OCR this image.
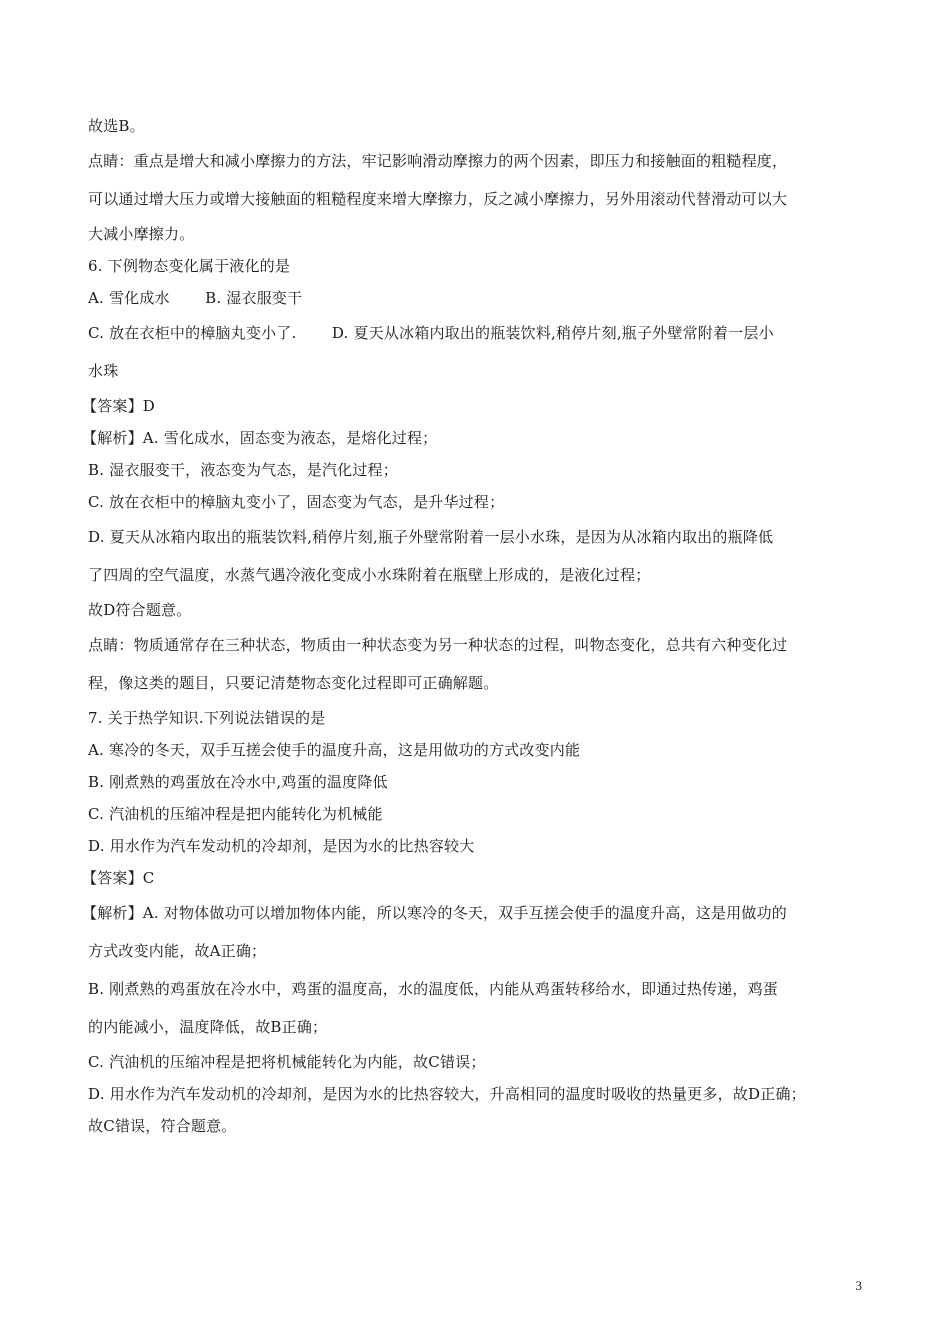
故选B。
点睛：重点是增大和减小摩擦力的方法，牢记影响滑动摩擦力的两个因素，即压力和接触面的粗糙程度，
可以通过增大压力或增大接触面的粗糙程度来增大摩擦力，反之减小摩擦力，另外用滚动代替滑动可以大
大减小摩擦力。
6. 下例物态变化属于液化的是
A. 雪化成水　　 B. 湿衣服变干
C. 放在衣柜中的樟脑丸变小了.　　 D. 夏天从冰箱内取出的瓶装饮料,稍停片刻,瓶子外壁常附着一层小
水珠
【答案】D
【解析】A. 雪化成水，固态变为液态，是熔化过程；
B. 湿衣服变干，液态变为气态，是汽化过程；
C. 放在衣柜中的樟脑丸变小了，固态变为气态，是升华过程；
D. 夏天从冰箱内取出的瓶装饮料,稍停片刻,瓶子外壁常附着一层小水珠，是因为从冰箱内取出的瓶降低
了四周的空气温度，水蒸气遇冷液化变成小水珠附着在瓶壁上形成的，是液化过程；
故D符合题意。
点睛：物质通常存在三种状态，物质由一种状态变为另一种状态的过程，叫物态变化，总共有六种变化过
程，像这类的题目，只要记清楚物态变化过程即可正确解题。
7. 关于热学知识.下列说法错误的是
A. 寒冷的冬天，双手互搓会使手的温度升高，这是用做功的方式改变内能
B. 刚煮熟的鸡蛋放在冷水中,鸡蛋的温度降低
C. 汽油机的压缩冲程是把内能转化为机械能
D. 用水作为汽车发动机的冷却剂，是因为水的比热容较大
【答案】C
【解析】A. 对物体做功可以增加物体内能，所以寒冷的冬天，双手互搓会使手的温度升高，这是用做功的
方式改变内能，故A正确；
B. 刚煮熟的鸡蛋放在冷水中，鸡蛋的温度高，水的温度低，内能从鸡蛋转移给水，即通过热传递，鸡蛋
的内能减小，温度降低，故B正确；
C. 汽油机的压缩冲程是把将机械能转化为内能，故C错误；
D. 用水作为汽车发动机的冷却剂，是因为水的比热容较大，升高相同的温度时吸收的热量更多，故D正确；
故C错误，符合题意。
3
